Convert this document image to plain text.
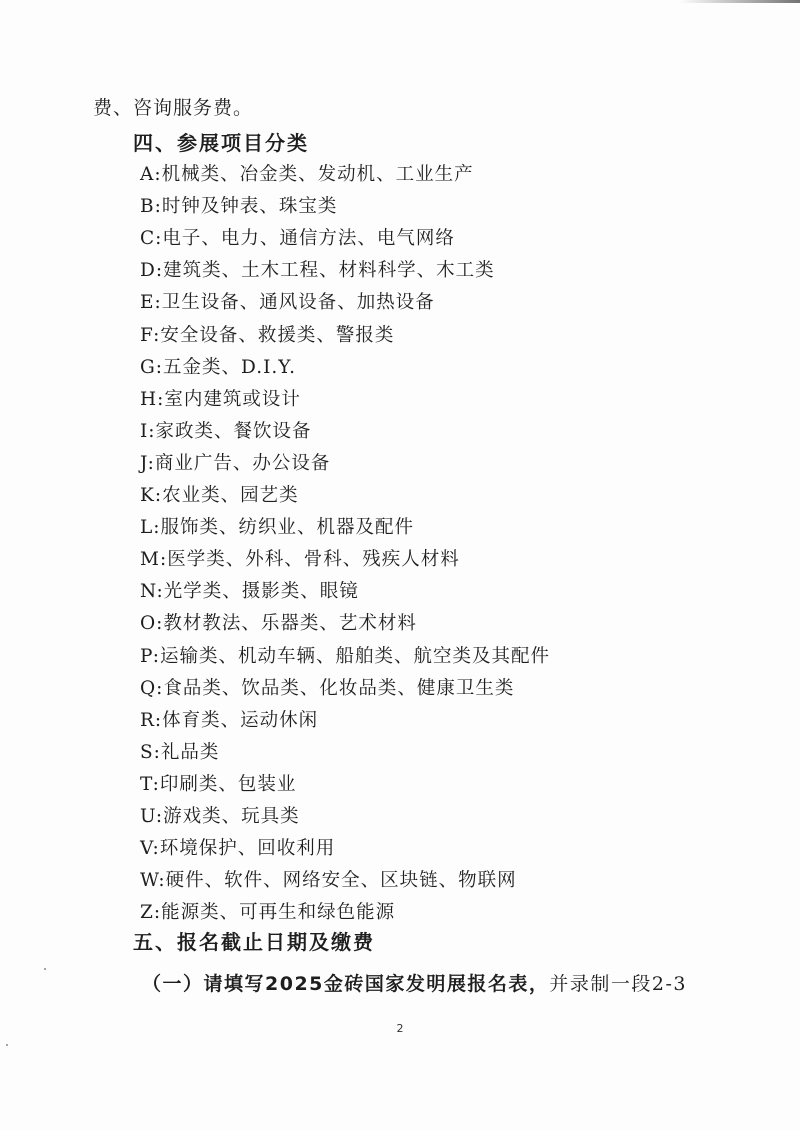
费、咨询服务费。
四、参展项目分类
A:机械类、冶金类、发动机、工业生产
B:时钟及钟表、珠宝类
C:电子、电力、通信方法、电气网络
D:建筑类、土木工程、材料科学、木工类
E:卫生设备、通风设备、加热设备
F:安全设备、救援类、警报类
G:五金类、D.I.Y.
H:室内建筑或设计
I:家政类、餐饮设备
J:商业广告、办公设备
K:农业类、园艺类
L:服饰类、纺织业、机器及配件
M:医学类、外科、骨科、残疾人材料
N:光学类、摄影类、眼镜
O:教材教法、乐器类、艺术材料
P:运输类、机动车辆、船舶类、航空类及其配件
Q:食品类、饮品类、化妆品类、健康卫生类
R:体育类、运动休闲
S:礼品类
T:印刷类、包装业
U:游戏类、玩具类
V:环境保护、回收利用
W:硬件、软件、网络安全、区块链、物联网
Z:能源类、可再生和绿色能源
五、报名截止日期及缴费
（一）请填写2025金砖国家发明展报名表，并录制一段2-3
2
